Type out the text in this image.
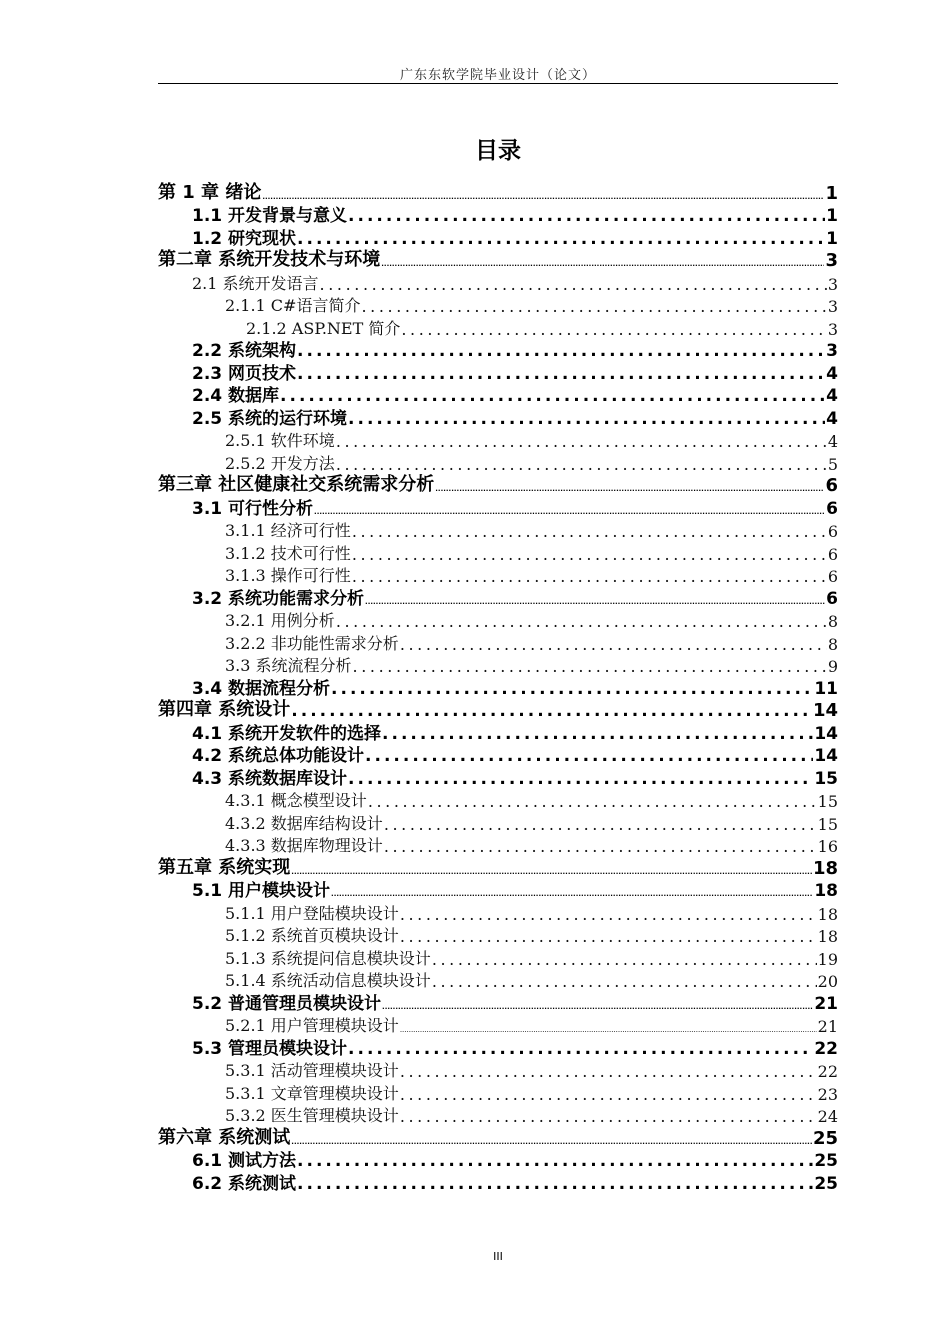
广东东软学院毕业设计（论文）
目录
第 1 章 绪论 .....	1
1.1 开发背景与意义 .....	1
1.2 研究现状 .....	1
第二章 系统开发技术与环境 .....	3
2.1 系统开发语言 .....	3
2.1.1 C#语言简介 .....	3
2.1.2 ASP.NET 简介 .....	3
2.2 系统架构 .....	3
2.3 网页技术 .....	4
2.4 数据库 .....	4
2.5 系统的运行环境 .....	4
2.5.1 软件环境 .....	4
2.5.2 开发方法 .....	5
第三章 社区健康社交系统需求分析 .....	6
3.1 可行性分析 .....	6
3.1.1 经济可行性 .....	6
3.1.2 技术可行性 .....	6
3.1.3 操作可行性 .....	6
3.2 系统功能需求分析 .....	6
3.2.1 用例分析 .....	8
3.2.2 非功能性需求分析 .....	8
3.3 系统流程分析 .....	9
3.4 数据流程分析 .....	11
第四章 系统设计 .....	14
4.1 系统开发软件的选择 .....	14
4.2 系统总体功能设计 .....	14
4.3 系统数据库设计 .....	15
4.3.1 概念模型设计 .....	15
4.3.2 数据库结构设计 .....	15
4.3.3 数据库物理设计 .....	16
第五章 系统实现 .....	18
5.1 用户模块设计 .....	18
5.1.1 用户登陆模块设计 .....	18
5.1.2 系统首页模块设计 .....	18
5.1.3 系统提问信息模块设计 .....	19
5.1.4 系统活动信息模块设计 .....	20
5.2 普通管理员模块设计 .....	21
5.2.1 用户管理模块设计 .....	21
5.3 管理员模块设计 .....	22
5.3.1 活动管理模块设计 .....	22
5.3.1 文章管理模块设计 .....	23
5.3.2 医生管理模块设计 .....	24
第六章 系统测试 .....	25
6.1 测试方法 .....	25
6.2 系统测试 .....	25
III
